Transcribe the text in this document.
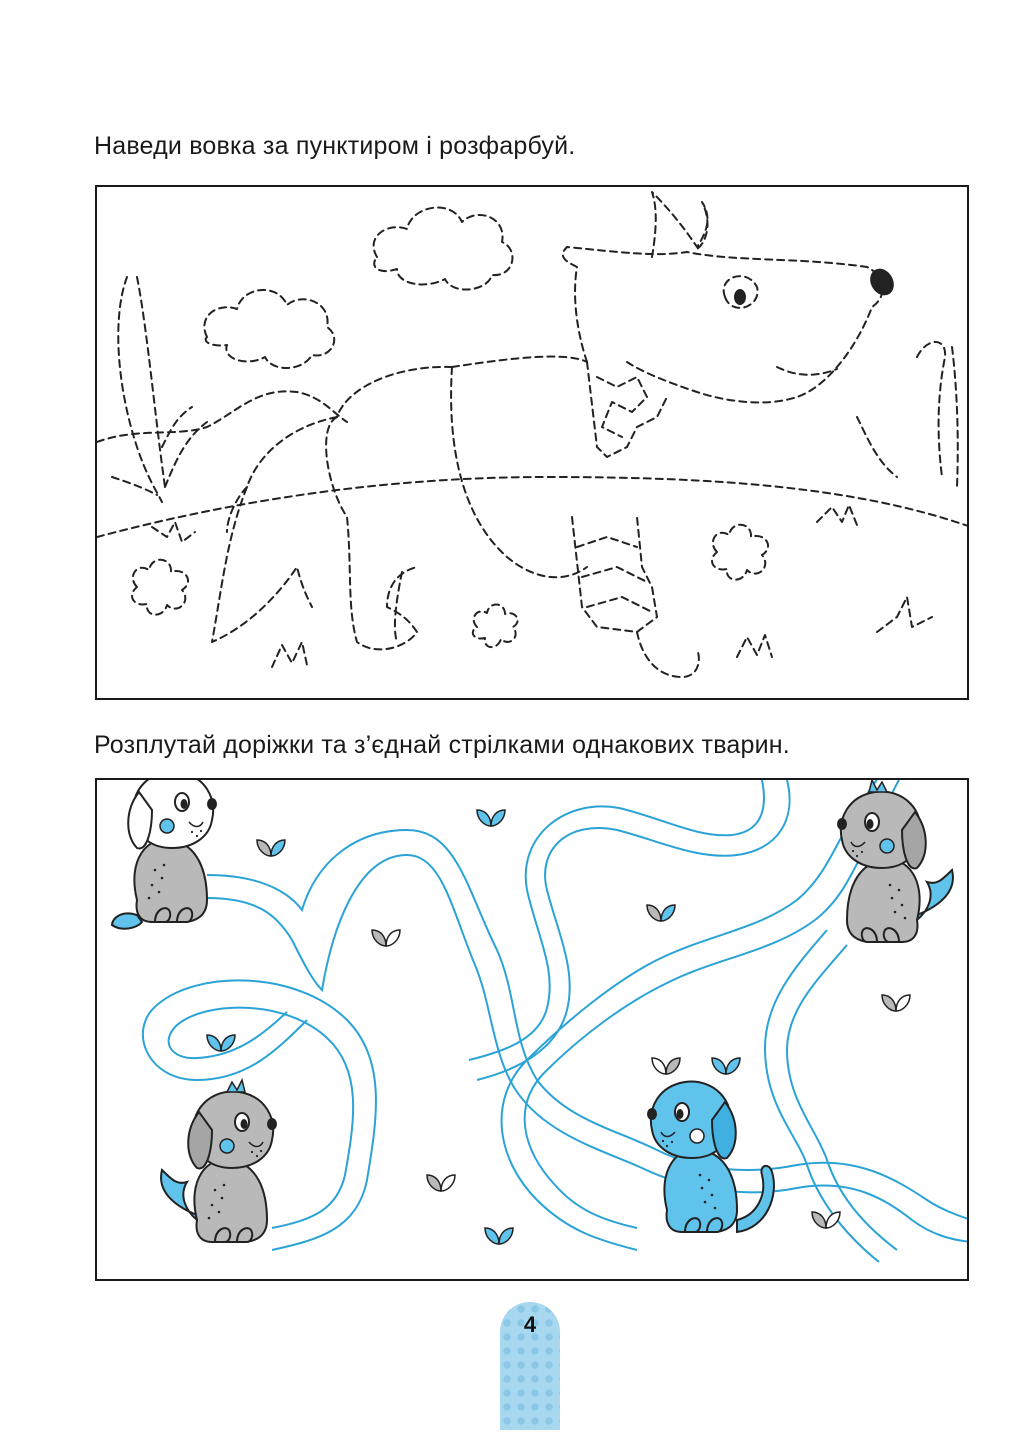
Наведи вовка за пунктиром і розфарбуй.
Розплутай доріжки та з’єднай стрілками однакових тварин.
4
